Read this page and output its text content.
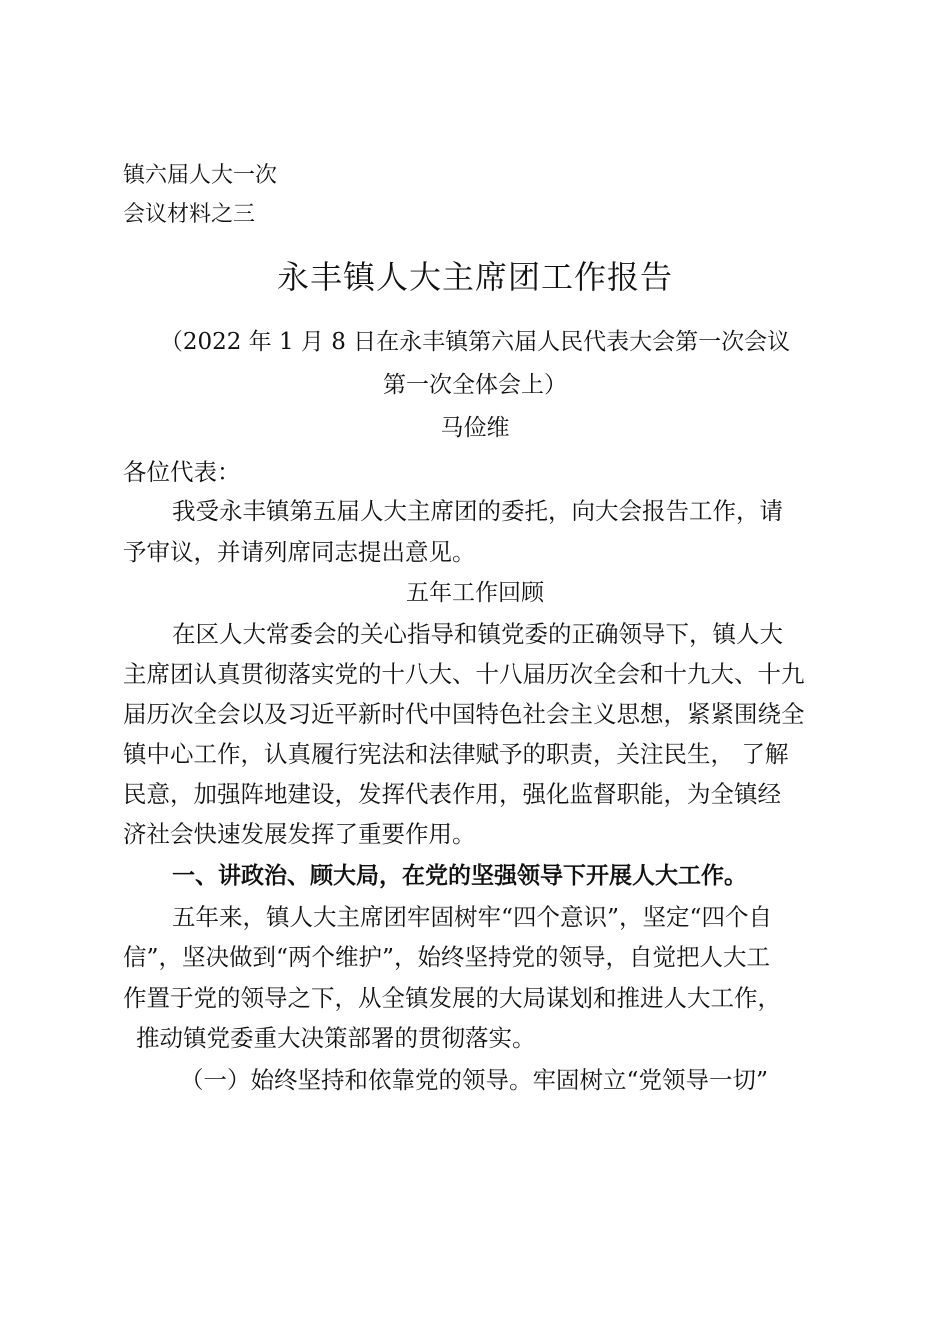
镇六届人大一次
会议材料之三
永丰镇人大主席团工作报告
（2022 年 1 月 8 日在永丰镇第六届人民代表大会第一次会议
第一次全体会上）
马俭维
各位代表：
我受永丰镇第五届人大主席团的委托，向大会报告工作，请
予审议，并请列席同志提出意见。
五年工作回顾
在区人大常委会的关心指导和镇党委的正确领导下，镇人大
主席团认真贯彻落实党的十八大、十八届历次全会和十九大、十九
届历次全会以及习近平新时代中国特色社会主义思想，紧紧围绕全
镇中心工作，认真履行宪法和法律赋予的职责，关注民生， 了解
民意，加强阵地建设，发挥代表作用，强化监督职能，为全镇经
济社会快速发展发挥了重要作用。
一、讲政治、顾大局，在党的坚强领导下开展人大工作。
五年来，镇人大主席团牢固树牢“四个意识”，坚定“四个自
信”，坚决做到“两个维护”，始终坚持党的领导，自觉把人大工
作置于党的领导之下，从全镇发展的大局谋划和推进人大工作，
推动镇党委重大决策部署的贯彻落实。
（一）始终坚持和依靠党的领导。牢固树立“党领导一切”
